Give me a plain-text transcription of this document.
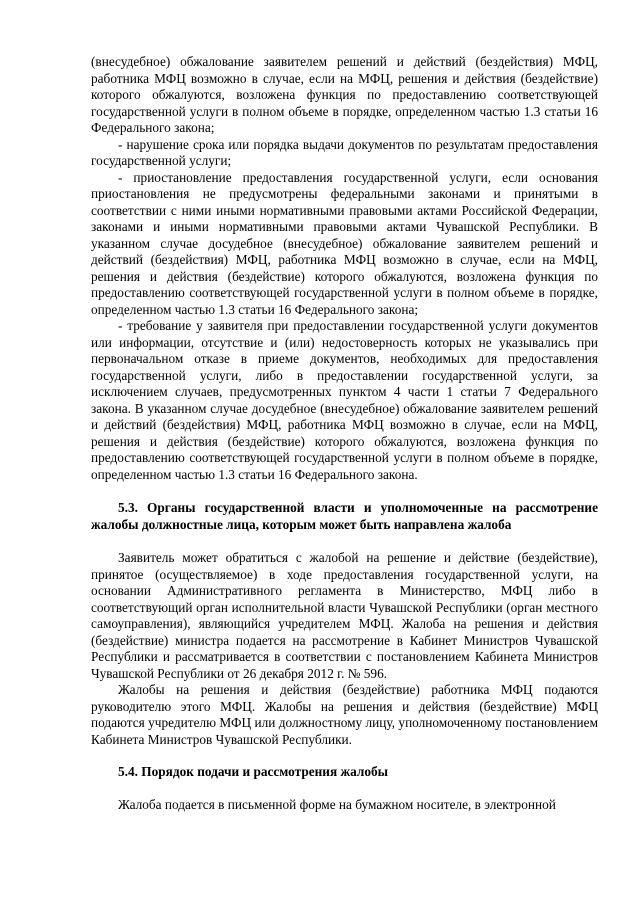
(внесудебное) обжалование заявителем решений и действий (бездействия) МФЦ, работника МФЦ возможно в случае, если на МФЦ, решения и действия (бездействие) которого обжалуются, возложена функция по предоставлению соответствующей государственной услуги в полном объеме в порядке, определенном частью 1.3 статьи 16 Федерального закона;

- нарушение срока или порядка выдачи документов по результатам предоставления государственной услуги;

- приостановление предоставления государственной услуги, если основания приостановления не предусмотрены федеральными законами и принятыми в соответствии с ними иными нормативными правовыми актами Российской Федерации, законами и иными нормативными правовыми актами Чувашской Республики. В указанном случае досудебное (внесудебное) обжалование заявителем решений и действий (бездействия) МФЦ, работника МФЦ возможно в случае, если на МФЦ, решения и действия (бездействие) которого обжалуются, возложена функция по предоставлению соответствующей государственной услуги в полном объеме в порядке, определенном частью 1.3 статьи 16 Федерального закона;

- требование у заявителя при предоставлении государственной услуги документов или информации, отсутствие и (или) недостоверность которых не указывались при первоначальном отказе в приеме документов, необходимых для предоставления государственной услуги, либо в предоставлении государственной услуги, за исключением случаев, предусмотренных пунктом 4 части 1 статьи 7 Федерального закона. В указанном случае досудебное (внесудебное) обжалование заявителем решений и действий (бездействия) МФЦ, работника МФЦ возможно в случае, если на МФЦ, решения и действия (бездействие) которого обжалуются, возложена функция по предоставлению соответствующей государственной услуги в полном объеме в порядке, определенном частью 1.3 статьи 16 Федерального закона.

5.3. Органы государственной власти и уполномоченные на рассмотрение жалобы должностные лица, которым может быть направлена жалоба

Заявитель может обратиться с жалобой на решение и действие (бездействие), принятое (осуществляемое) в ходе предоставления государственной услуги, на основании Административного регламента в Министерство, МФЦ либо в соответствующий орган исполнительной власти Чувашской Республики (орган местного самоуправления), являющийся учредителем МФЦ. Жалоба на решения и действия (бездействие) министра подается на рассмотрение в Кабинет Министров Чувашской Республики и рассматривается в соответствии с постановлением Кабинета Министров Чувашской Республики от 26 декабря 2012 г. № 596.

Жалобы на решения и действия (бездействие) работника МФЦ подаются руководителю этого МФЦ. Жалобы на решения и действия (бездействие) МФЦ подаются учредителю МФЦ или должностному лицу, уполномоченному постановлением Кабинета Министров Чувашской Республики.

5.4. Порядок подачи и рассмотрения жалобы

Жалоба подается в письменной форме на бумажном носителе, в электронной
